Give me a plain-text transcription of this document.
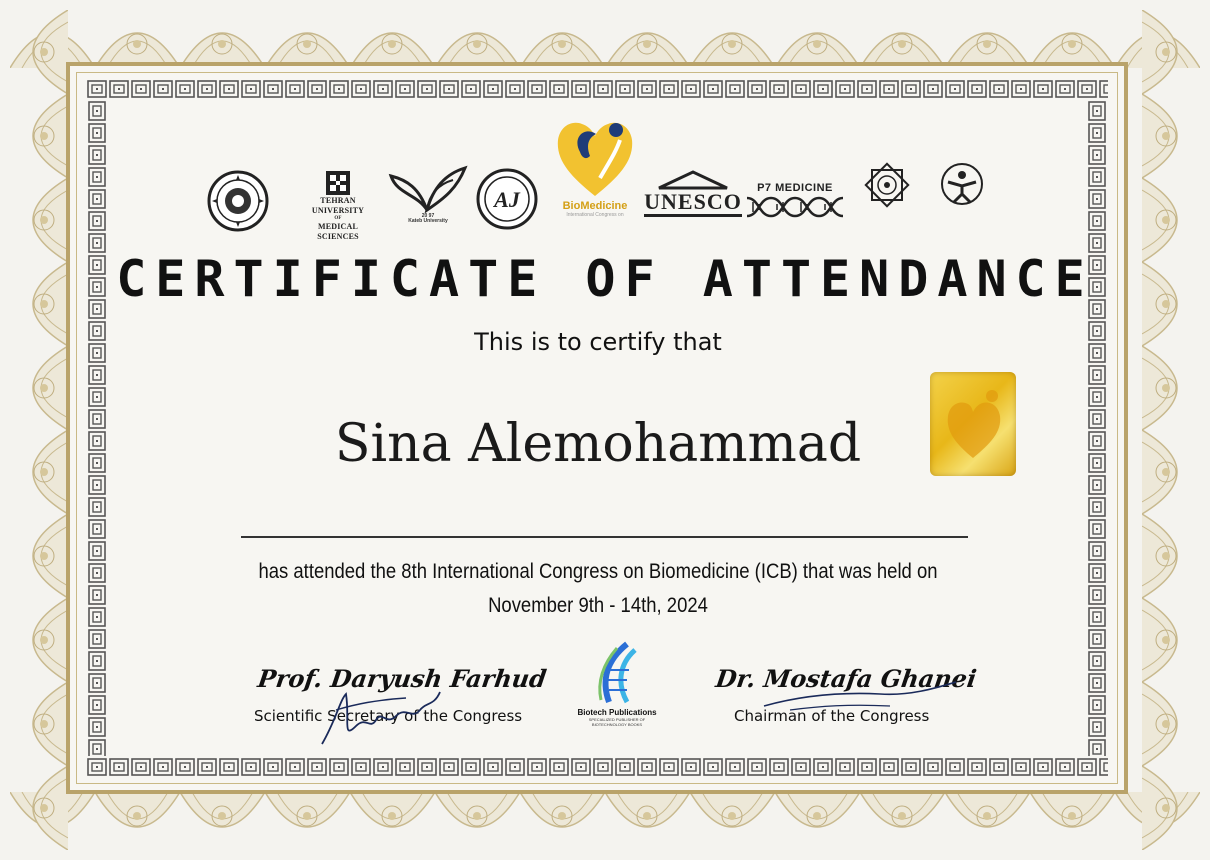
TEHRAN UNIVERSITY
OF
MEDICAL SCIENCES
20 97
Kateb University
AJ	BioMedicine
International Congress on
UNESCO
P7 MEDICINE
CERTIFICATE OF ATTENDANCE
This is to certify that
Sina Alemohammad
has attended the 8th International Congress on Biomedicine (ICB) that was held on
November 9th - 14th, 2024
Prof. Daryush Farhud
Scientific Secretary of the Congress	Biotech Publications
SPECIALIZED PUBLISHER OF BIOTECHNOLOGY BOOKS
Dr. Mostafa Ghanei
Chairman of the Congress
